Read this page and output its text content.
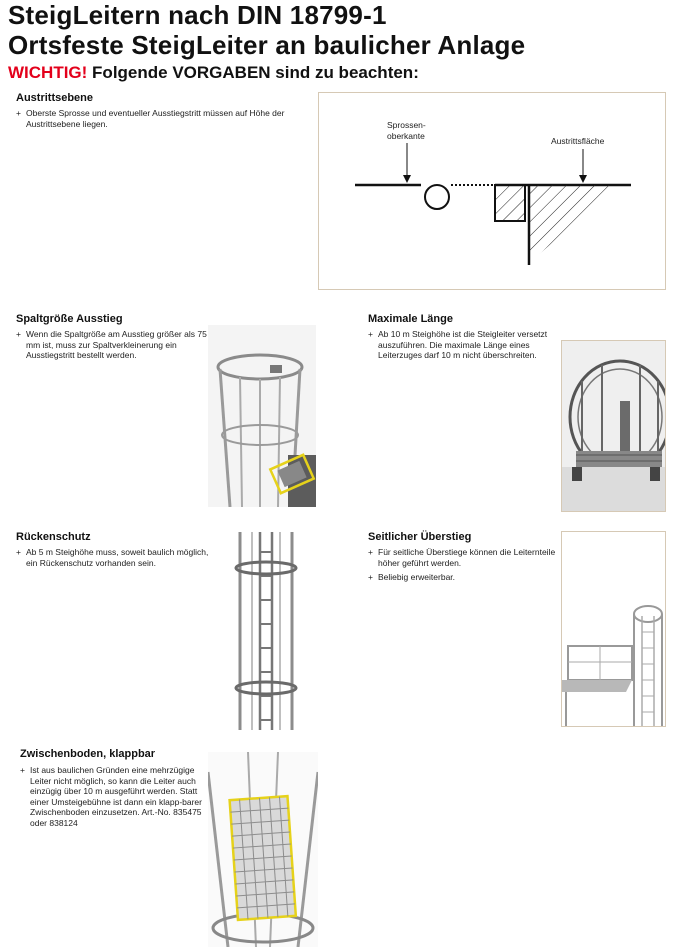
SteigLeitern nach DIN 18799-1
Ortsfeste SteigLeiter an baulicher Anlage
WICHTIG! Folgende VORGABEN sind zu beachten:
Austrittsebene
+ Oberste Sprosse und eventueller Ausstiegstritt müssen auf Höhe der Austrittsebene liegen.	Sprossen-
oberkante	Austrittsfläche
Spaltgröße Ausstieg
+ Wenn die Spaltgröße am Ausstieg größer als 75 mm ist, muss zur Spaltverkleinerung ein Ausstiegstritt bestellt werden.
Maximale Länge
+ Ab 10 m Steighöhe ist die Steigleiter versetzt auszuführen. Die maximale Länge eines Leiterzuges darf 10 m nicht überschreiten.
Rückenschutz
+ Ab 5 m Steighöhe muss, soweit baulich möglich, ein Rückenschutz vorhanden sein.
Seitlicher Überstieg
+ Für seitliche Überstiege können die Leiternteile höher geführt werden.
+ Beliebig erweiterbar.
Zwischenboden, klappbar
+ Ist aus baulichen Gründen eine mehrzügige Leiter nicht möglich, so kann die Leiter auch einzügig über 10 m ausgeführt werden. Statt einer Umsteigebühne ist dann ein klapp-barer Zwischenboden einzusetzen. Art.-No. 835475 oder 838124
